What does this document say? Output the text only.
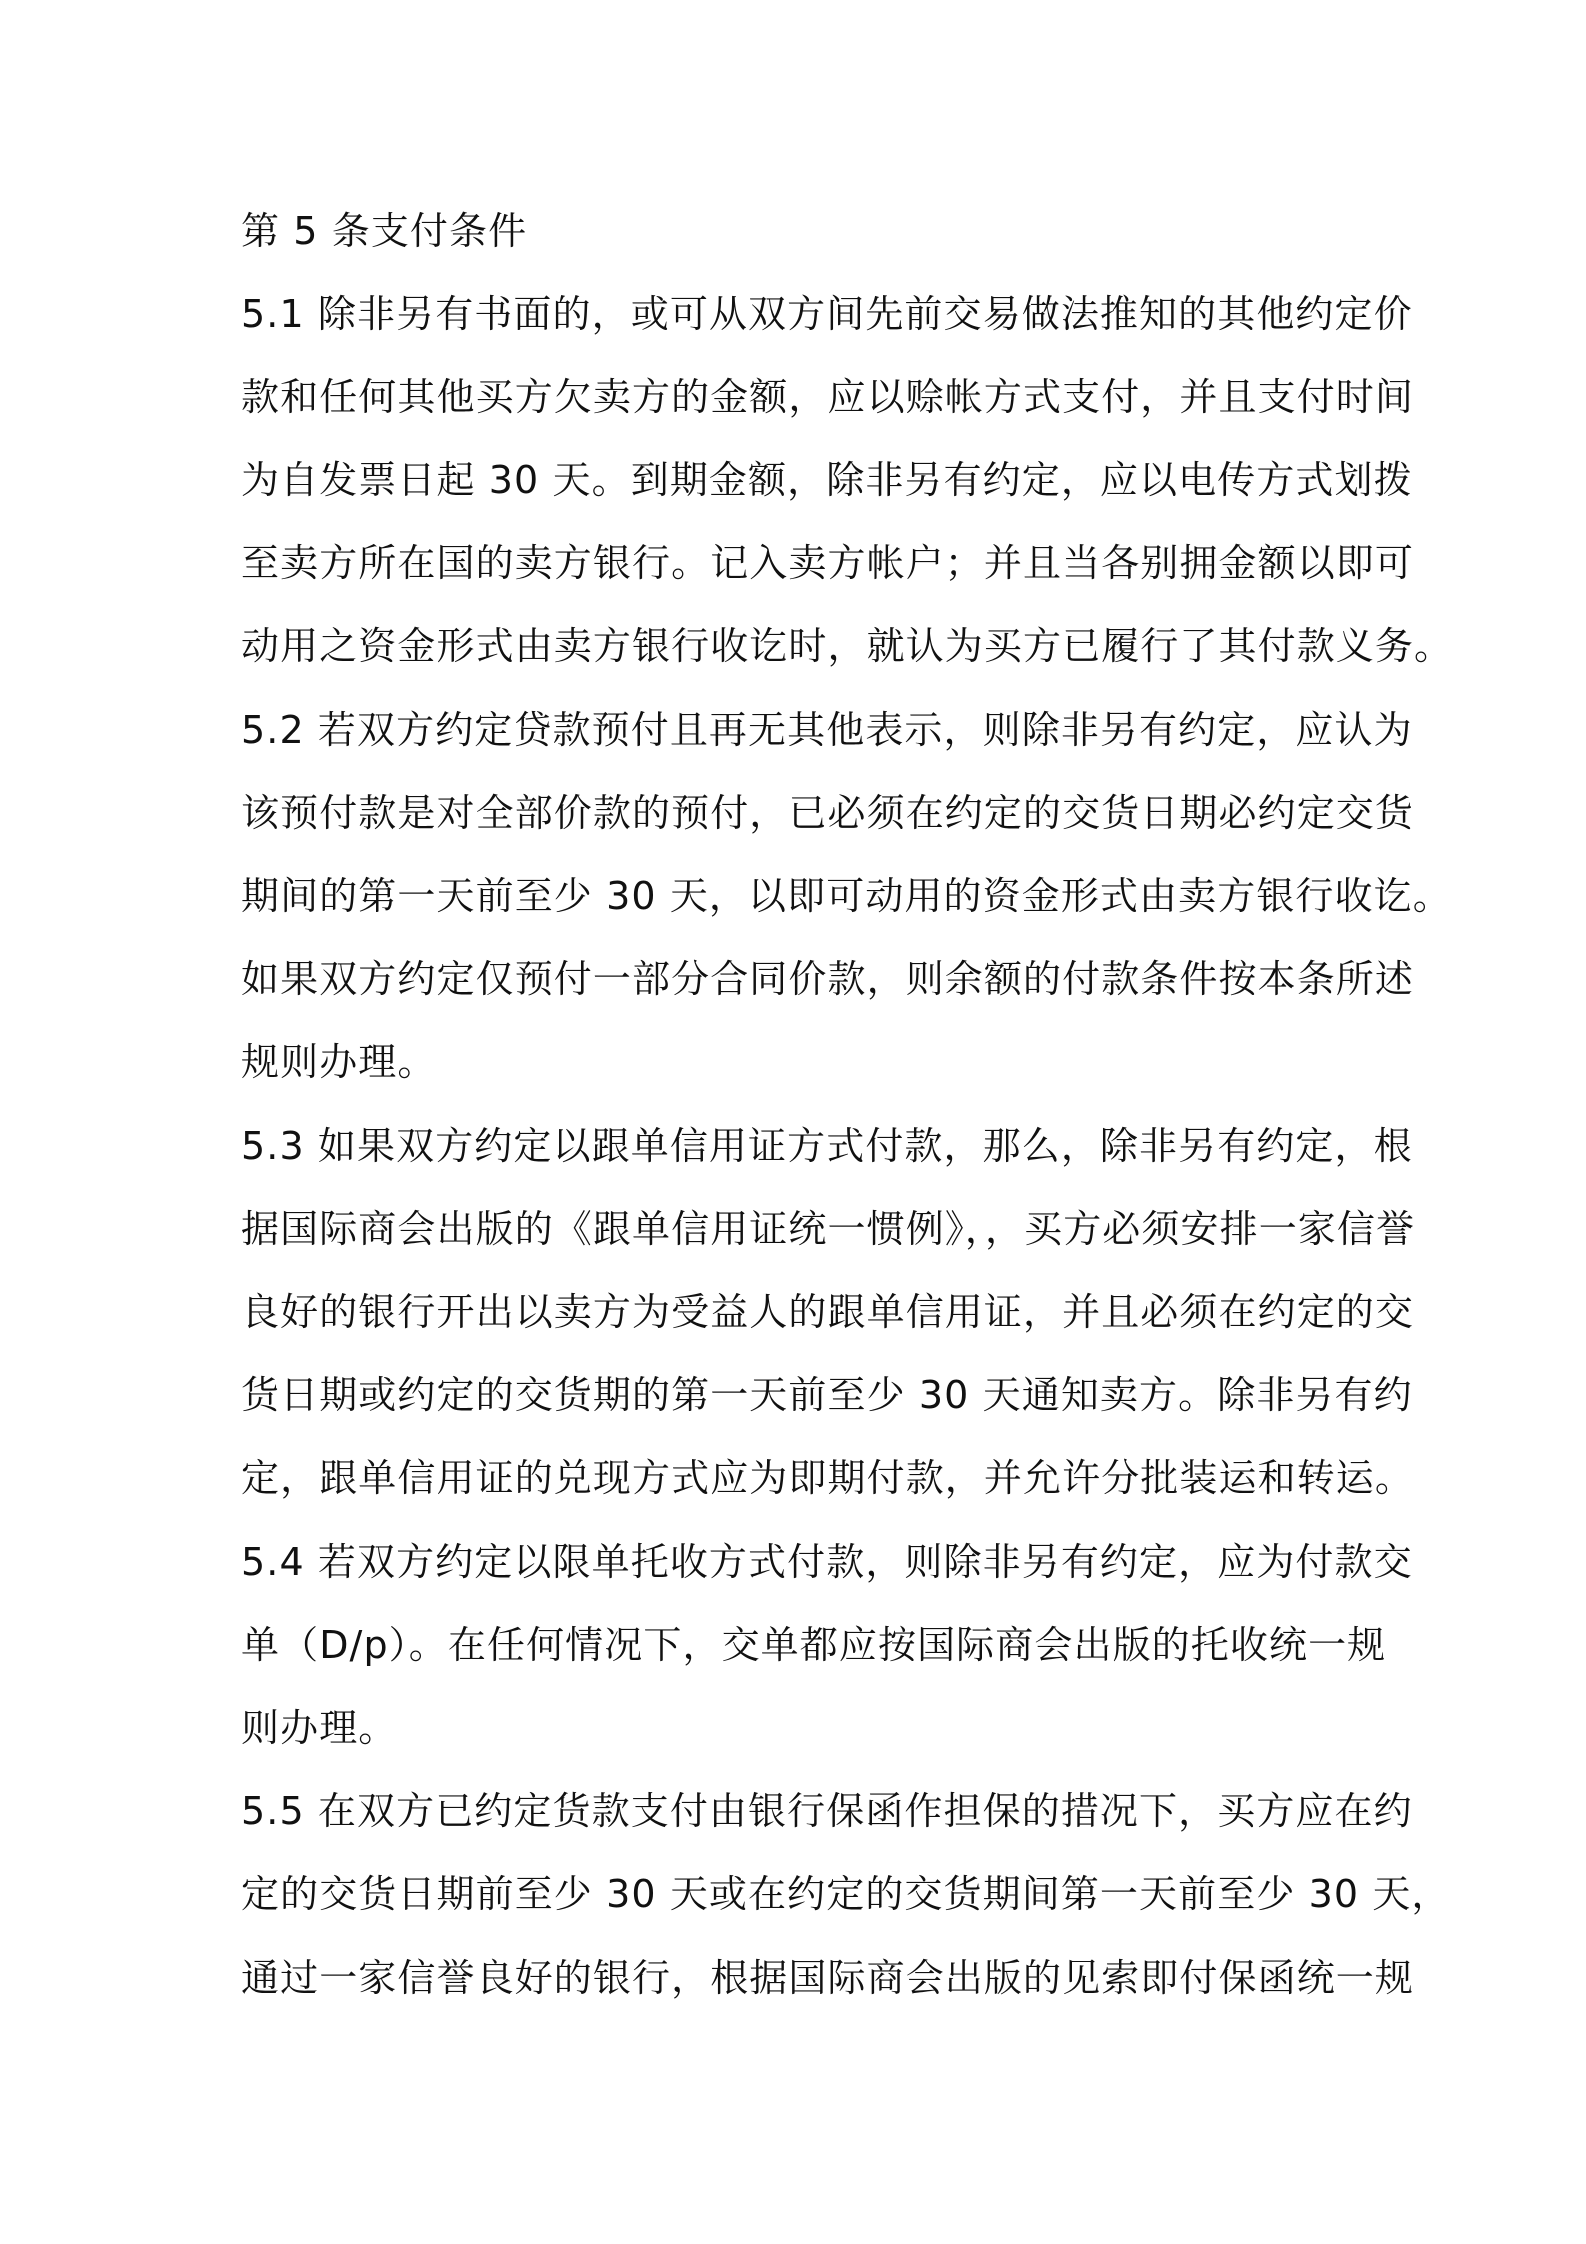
第 5 条支付条件
5.1 除非另有书面的，或可从双方间先前交易做法推知的其他约定价
款和任何其他买方欠卖方的金额，应以赊帐方式支付，并且支付时间
为自发票日起 30 天。到期金额，除非另有约定，应以电传方式划拨
至卖方所在国的卖方银行。记入卖方帐户；并且当各别拥金额以即可
动用之资金形式由卖方银行收讫时，就认为买方已履行了其付款义务。
5.2 若双方约定贷款预付且再无其他表示，则除非另有约定，应认为
该预付款是对全部价款的预付，已必须在约定的交货日期必约定交货
期间的第一天前至少 30 天，以即可动用的资金形式由卖方银行收讫。
如果双方约定仅预付一部分合同价款，则余额的付款条件按本条所述
规则办理。
5.3 如果双方约定以跟单信用证方式付款，那么，除非另有约定，根
据国际商会出版的《跟单信用证统一惯例》，，买方必须安排一家信誉
良好的银行开出以卖方为受益人的跟单信用证，并且必须在约定的交
货日期或约定的交货期的第一天前至少 30 天通知卖方。除非另有约
定，跟单信用证的兑现方式应为即期付款，并允许分批装运和转运。
5.4 若双方约定以限单托收方式付款，则除非另有约定，应为付款交
单（D/p）。在任何情况下，交单都应按国际商会出版的托收统一规
则办理。
5.5 在双方已约定货款支付由银行保函作担保的措况下，买方应在约
定的交货日期前至少 30 天或在约定的交货期间第一天前至少 30 天，
通过一家信誉良好的银行，根据国际商会出版的见索即付保函统一规
